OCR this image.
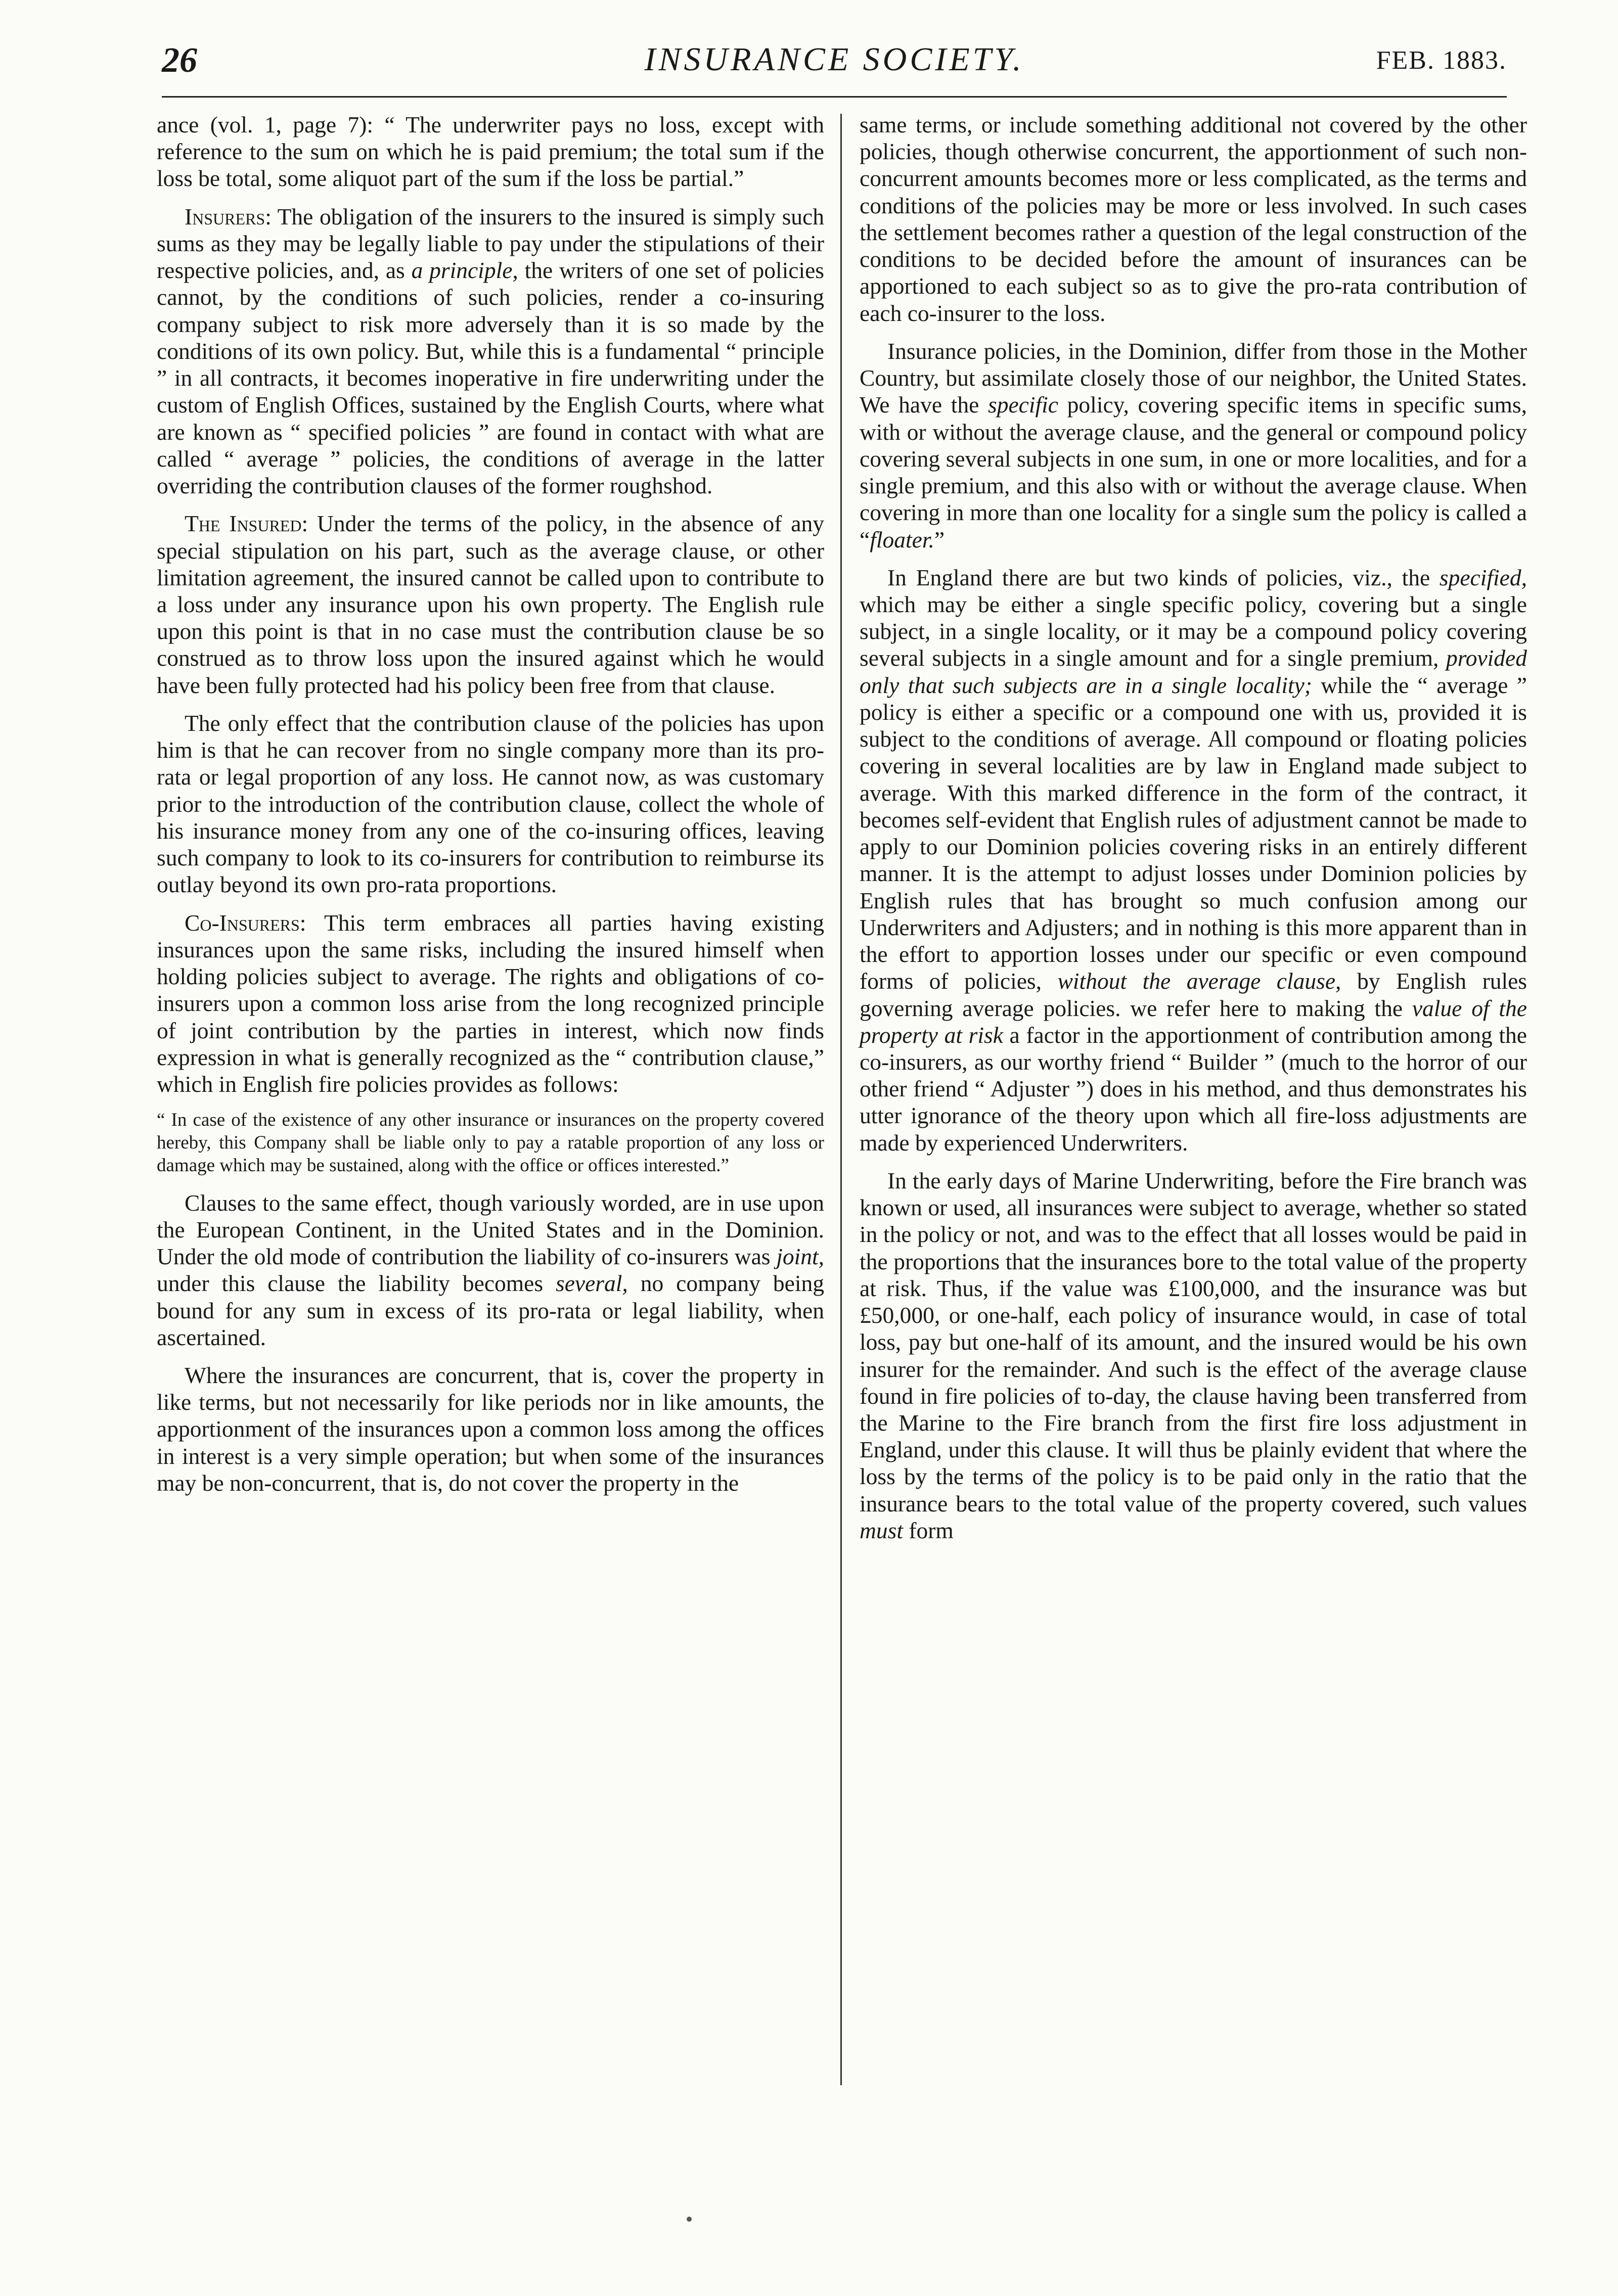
26	INSURANCE SOCIETY.	FEB. 1883.

ance (vol. 1, page 7): “ The underwriter pays no loss, except with reference to the sum on which he is paid premium; the total sum if the loss be total, some aliquot part of the sum if the loss be partial.”

Insurers: The obligation of the insurers to the insured is simply such sums as they may be legally liable to pay under the stipulations of their respective policies, and, as a principle, the writers of one set of policies cannot, by the conditions of such policies, render a co-insuring company subject to risk more adversely than it is so made by the conditions of its own policy. But, while this is a fundamental “ principle ” in all contracts, it becomes inoperative in fire underwriting under the custom of English Offices, sustained by the English Courts, where what are known as “ specified policies ” are found in contact with what are called “ average ” policies, the conditions of average in the latter overriding the contribution clauses of the former roughshod.

The Insured: Under the terms of the policy, in the absence of any special stipulation on his part, such as the average clause, or other limitation agreement, the insured cannot be called upon to contribute to a loss under any insurance upon his own property. The English rule upon this point is that in no case must the contribution clause be so construed as to throw loss upon the insured against which he would have been fully protected had his policy been free from that clause.

The only effect that the contribution clause of the policies has upon him is that he can recover from no single company more than its pro-rata or legal proportion of any loss. He cannot now, as was customary prior to the introduction of the contribution clause, collect the whole of his insurance money from any one of the co-insuring offices, leaving such company to look to its co-insurers for contribution to reimburse its outlay beyond its own pro-rata proportions.

Co-Insurers: This term embraces all parties having existing insurances upon the same risks, including the insured himself when holding policies subject to average. The rights and obligations of co-insurers upon a common loss arise from the long recognized principle of joint contribution by the parties in interest, which now finds expression in what is generally recognized as the “ contribution clause,” which in English fire policies provides as follows:

“ In case of the existence of any other insurance or insurances on the property covered hereby, this Company shall be liable only to pay a ratable proportion of any loss or damage which may be sustained, along with the office or offices interested.”

Clauses to the same effect, though variously worded, are in use upon the European Continent, in the United States and in the Dominion. Under the old mode of contribution the liability of co-insurers was joint, under this clause the liability becomes several, no company being bound for any sum in excess of its pro-rata or legal liability, when ascertained.

Where the insurances are concurrent, that is, cover the property in like terms, but not necessarily for like periods nor in like amounts, the apportionment of the insurances upon a common loss among the offices in interest is a very simple operation; but when some of the insurances may be non-concurrent, that is, do not cover the property in the

same terms, or include something additional not covered by the other policies, though otherwise concurrent, the apportionment of such non-concurrent amounts becomes more or less complicated, as the terms and conditions of the policies may be more or less involved. In such cases the settlement becomes rather a question of the legal construction of the conditions to be decided before the amount of insurances can be apportioned to each subject so as to give the pro-rata contribution of each co-insurer to the loss.

Insurance policies, in the Dominion, differ from those in the Mother Country, but assimilate closely those of our neighbor, the United States. We have the specific policy, covering specific items in specific sums, with or without the average clause, and the general or compound policy covering several subjects in one sum, in one or more localities, and for a single premium, and this also with or without the average clause. When covering in more than one locality for a single sum the policy is called a “floater.”

In England there are but two kinds of policies, viz., the specified, which may be either a single specific policy, covering but a single subject, in a single locality, or it may be a compound policy covering several subjects in a single amount and for a single premium, provided only that such subjects are in a single locality; while the “ average ” policy is either a specific or a compound one with us, provided it is subject to the conditions of average. All compound or floating policies covering in several localities are by law in England made subject to average. With this marked difference in the form of the contract, it becomes self-evident that English rules of adjustment cannot be made to apply to our Dominion policies covering risks in an entirely different manner. It is the attempt to adjust losses under Dominion policies by English rules that has brought so much confusion among our Underwriters and Adjusters; and in nothing is this more apparent than in the effort to apportion losses under our specific or even compound forms of policies, without the average clause, by English rules governing average policies. we refer here to making the value of the property at risk a factor in the apportionment of contribution among the co-insurers, as our worthy friend “ Builder ” (much to the horror of our other friend “ Adjuster ”) does in his method, and thus demonstrates his utter ignorance of the theory upon which all fire-loss adjustments are made by experienced Underwriters.

In the early days of Marine Underwriting, before the Fire branch was known or used, all insurances were subject to average, whether so stated in the policy or not, and was to the effect that all losses would be paid in the proportions that the insurances bore to the total value of the property at risk. Thus, if the value was £100,000, and the insurance was but £50,000, or one-half, each policy of insurance would, in case of total loss, pay but one-half of its amount, and the insured would be his own insurer for the remainder. And such is the effect of the average clause found in fire policies of to-day, the clause having been transferred from the Marine to the Fire branch from the first fire loss adjustment in England, under this clause. It will thus be plainly evident that where the loss by the terms of the policy is to be paid only in the ratio that the insurance bears to the total value of the property covered, such values must form
